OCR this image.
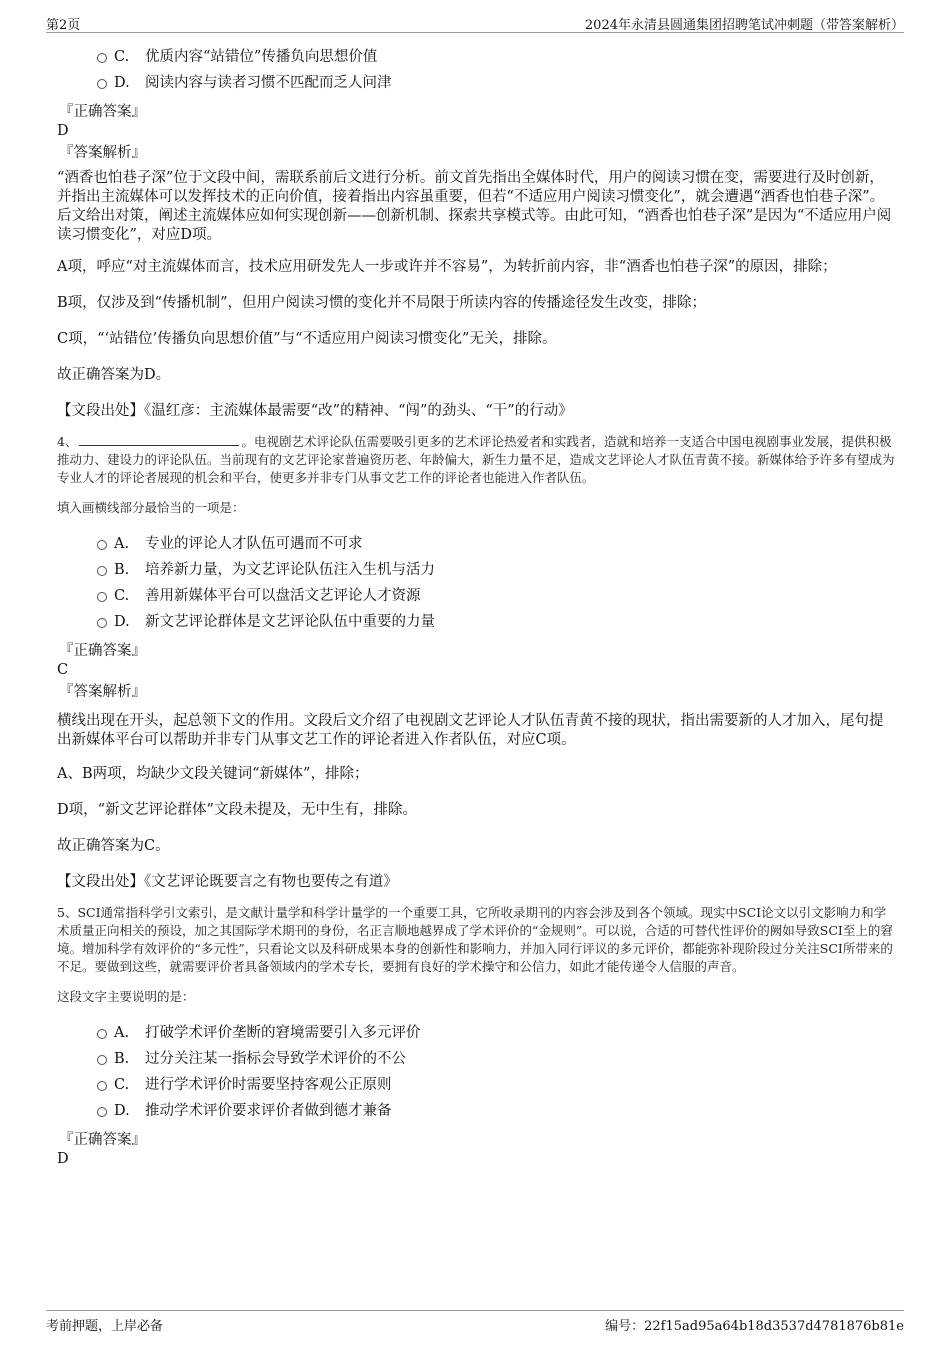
第2页	2024年永清县圆通集团招聘笔试冲刺题（带答案解析）
C. 优质内容“站错位”传播负向思想价值
D. 阅读内容与读者习惯不匹配而乏人问津
『正确答案』
D
『答案解析』

“酒香也怕巷子深”位于文段中间，需联系前后文进行分析。前文首先指出全媒体时代，用户的阅读习惯在变，需要进行及时创新，并指出主流媒体可以发挥技术的正向价值，接着指出内容虽重要，但若“不适应用户阅读习惯变化”，就会遭遇“酒香也怕巷子深”。后文给出对策，阐述主流媒体应如何实现创新——创新机制、探索共享模式等。由此可知，“酒香也怕巷子深”是因为“不适应用户阅读习惯变化”，对应D项。

A项，呼应“对主流媒体而言，技术应用研发先人一步或许并不容易”，为转折前内容，非“酒香也怕巷子深”的原因，排除；

B项，仅涉及到“传播机制”，但用户阅读习惯的变化并不局限于所读内容的传播途径发生改变，排除；

C项，“‘站错位’传播负向思想价值”与“不适应用户阅读习惯变化”无关，排除。

故正确答案为D。

【文段出处】《温红彦：主流媒体最需要“改”的精神、“闯”的劲头、“干”的行动》

4、	。电视剧艺术评论队伍需要吸引更多的艺术评论热爱者和实践者，造就和培养一支适合中国电视剧事业发展，提供积极推动力、建设力的评论队伍。当前现有的文艺评论家普遍资历老、年龄偏大，新生力量不足，造成文艺评论人才队伍青黄不接。新媒体给予许多有望成为专业人才的评论者展现的机会和平台，使更多并非专门从事文艺工作的评论者也能进入作者队伍。

填入画横线部分最恰当的一项是：

A. 专业的评论人才队伍可遇而不可求
B. 培养新力量，为文艺评论队伍注入生机与活力
C. 善用新媒体平台可以盘活文艺评论人才资源
D. 新文艺评论群体是文艺评论队伍中重要的力量
『正确答案』
C
『答案解析』

横线出现在开头，起总领下文的作用。文段后文介绍了电视剧文艺评论人才队伍青黄不接的现状，指出需要新的人才加入，尾句提出新媒体平台可以帮助并非专门从事文艺工作的评论者进入作者队伍，对应C项。

A、B两项，均缺少文段关键词“新媒体”，排除；

D项，“新文艺评论群体”文段未提及，无中生有，排除。

故正确答案为C。

【文段出处】《文艺评论既要言之有物也要传之有道》

5、SCI通常指科学引文索引，是文献计量学和科学计量学的一个重要工具，它所收录期刊的内容会涉及到各个领域。现实中SCI论文以引文影响力和学术质量正向相关的预设，加之其国际学术期刊的身份，名正言顺地越界成了学术评价的“金规则”。可以说，合适的可替代性评价的阙如导致SCI至上的窘境。增加科学有效评价的“多元性”，只看论文以及科研成果本身的创新性和影响力，并加入同行评议的多元评价，都能弥补现阶段过分关注SCI所带来的不足。要做到这些，就需要评价者具备领域内的学术专长，要拥有良好的学术操守和公信力，如此才能传递令人信服的声音。

这段文字主要说明的是：

A. 打破学术评价垄断的窘境需要引入多元评价
B. 过分关注某一指标会导致学术评价的不公
C. 进行学术评价时需要坚持客观公正原则
D. 推动学术评价要求评价者做到德才兼备
『正确答案』
D
考前押题，上岸必备	编号：22f15ad95a64b18d3537d4781876b81e
